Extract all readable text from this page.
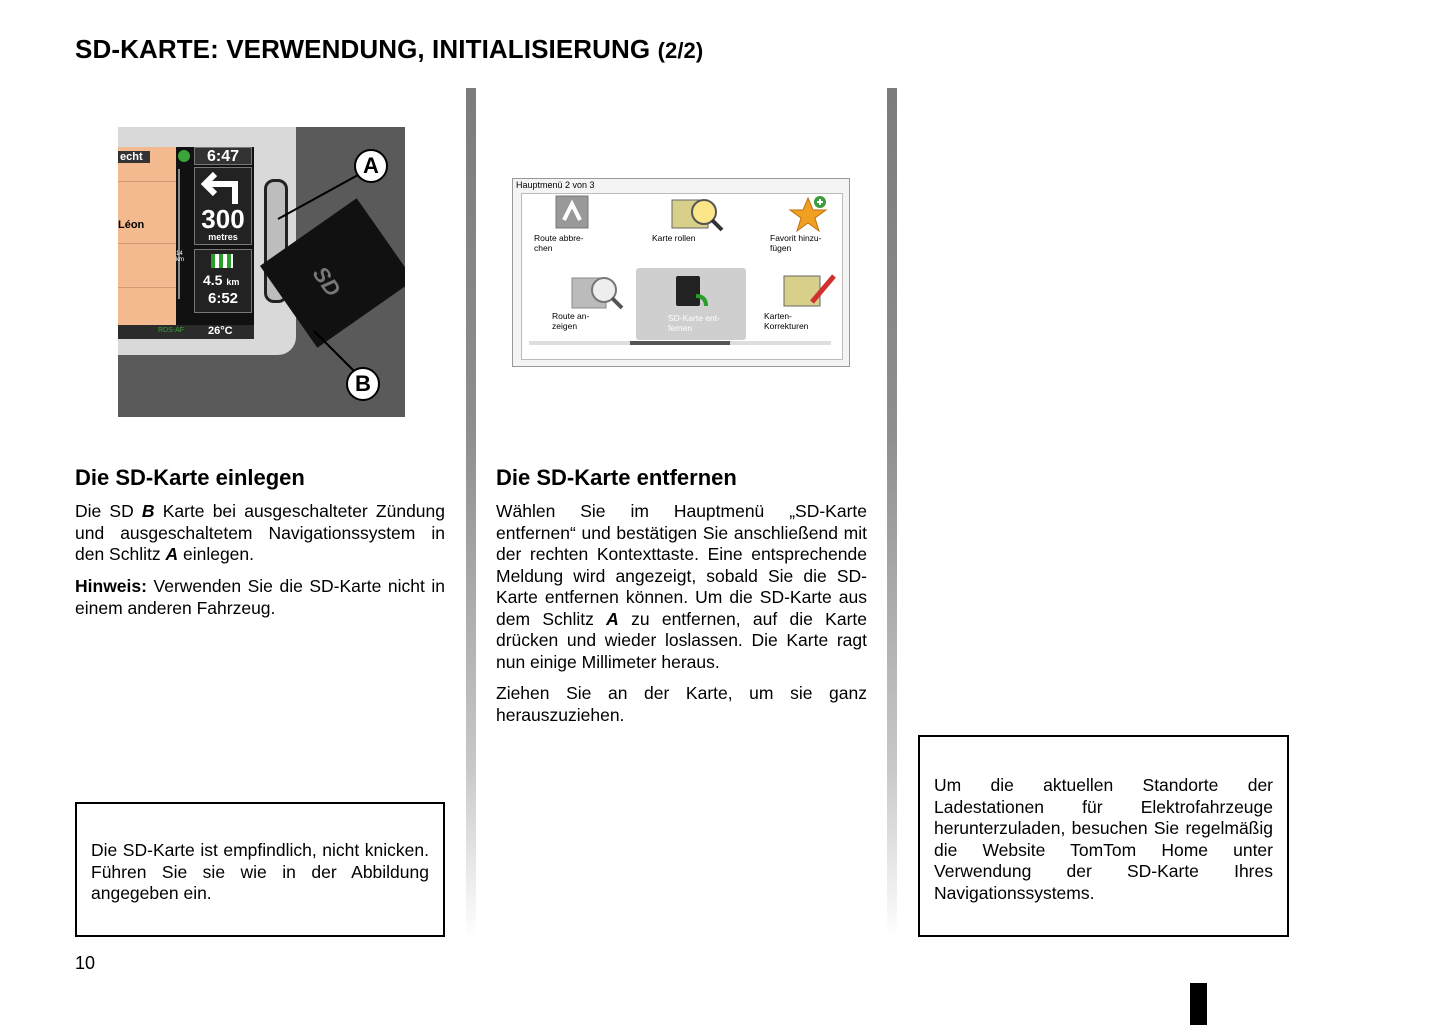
SD-KARTE: VERWENDUNG, INITIALISIERUNG (2/2)
echt
Léon
6:47
14
km
300
metres
4.5 km
6:52
RDS-AF 26°C
SD
A
B
Hauptmenü 2 von 3
Route abbre-
chen
Karte rollen	Favorit hinzu-
fügen
Route an-
zeigen
SD-Karte ent-
fernen
Karten-
Korrekturen
Die SD-Karte einlegen

Die SD B Karte bei ausgeschalteter Zündung und ausgeschaltetem Navigationssystem in den Schlitz A einlegen.

Hinweis: Verwenden Sie die SD-Karte nicht in einem anderen Fahrzeug.

Die SD-Karte ist empfindlich, nicht knicken. Führen Sie sie wie in der Abbildung angegeben ein.

Die SD-Karte entfernen

Wählen Sie im Hauptmenü „SD-Karte entfernen“ und bestätigen Sie anschließend mit der rechten Kontexttaste. Eine entsprechende Meldung wird angezeigt, sobald Sie die SD-Karte entfernen können. Um die SD-Karte aus dem Schlitz A zu entfernen, auf die Karte drücken und wieder loslassen. Die Karte ragt nun einige Millimeter heraus.

Ziehen Sie an der Karte, um sie ganz herauszuziehen.

Um die aktuellen Standorte der Ladestationen für Elektrofahrzeuge herunterzuladen, besuchen Sie regelmäßig die Website TomTom Home unter Verwendung der SD-Karte Ihres Navigationssystems.

10
